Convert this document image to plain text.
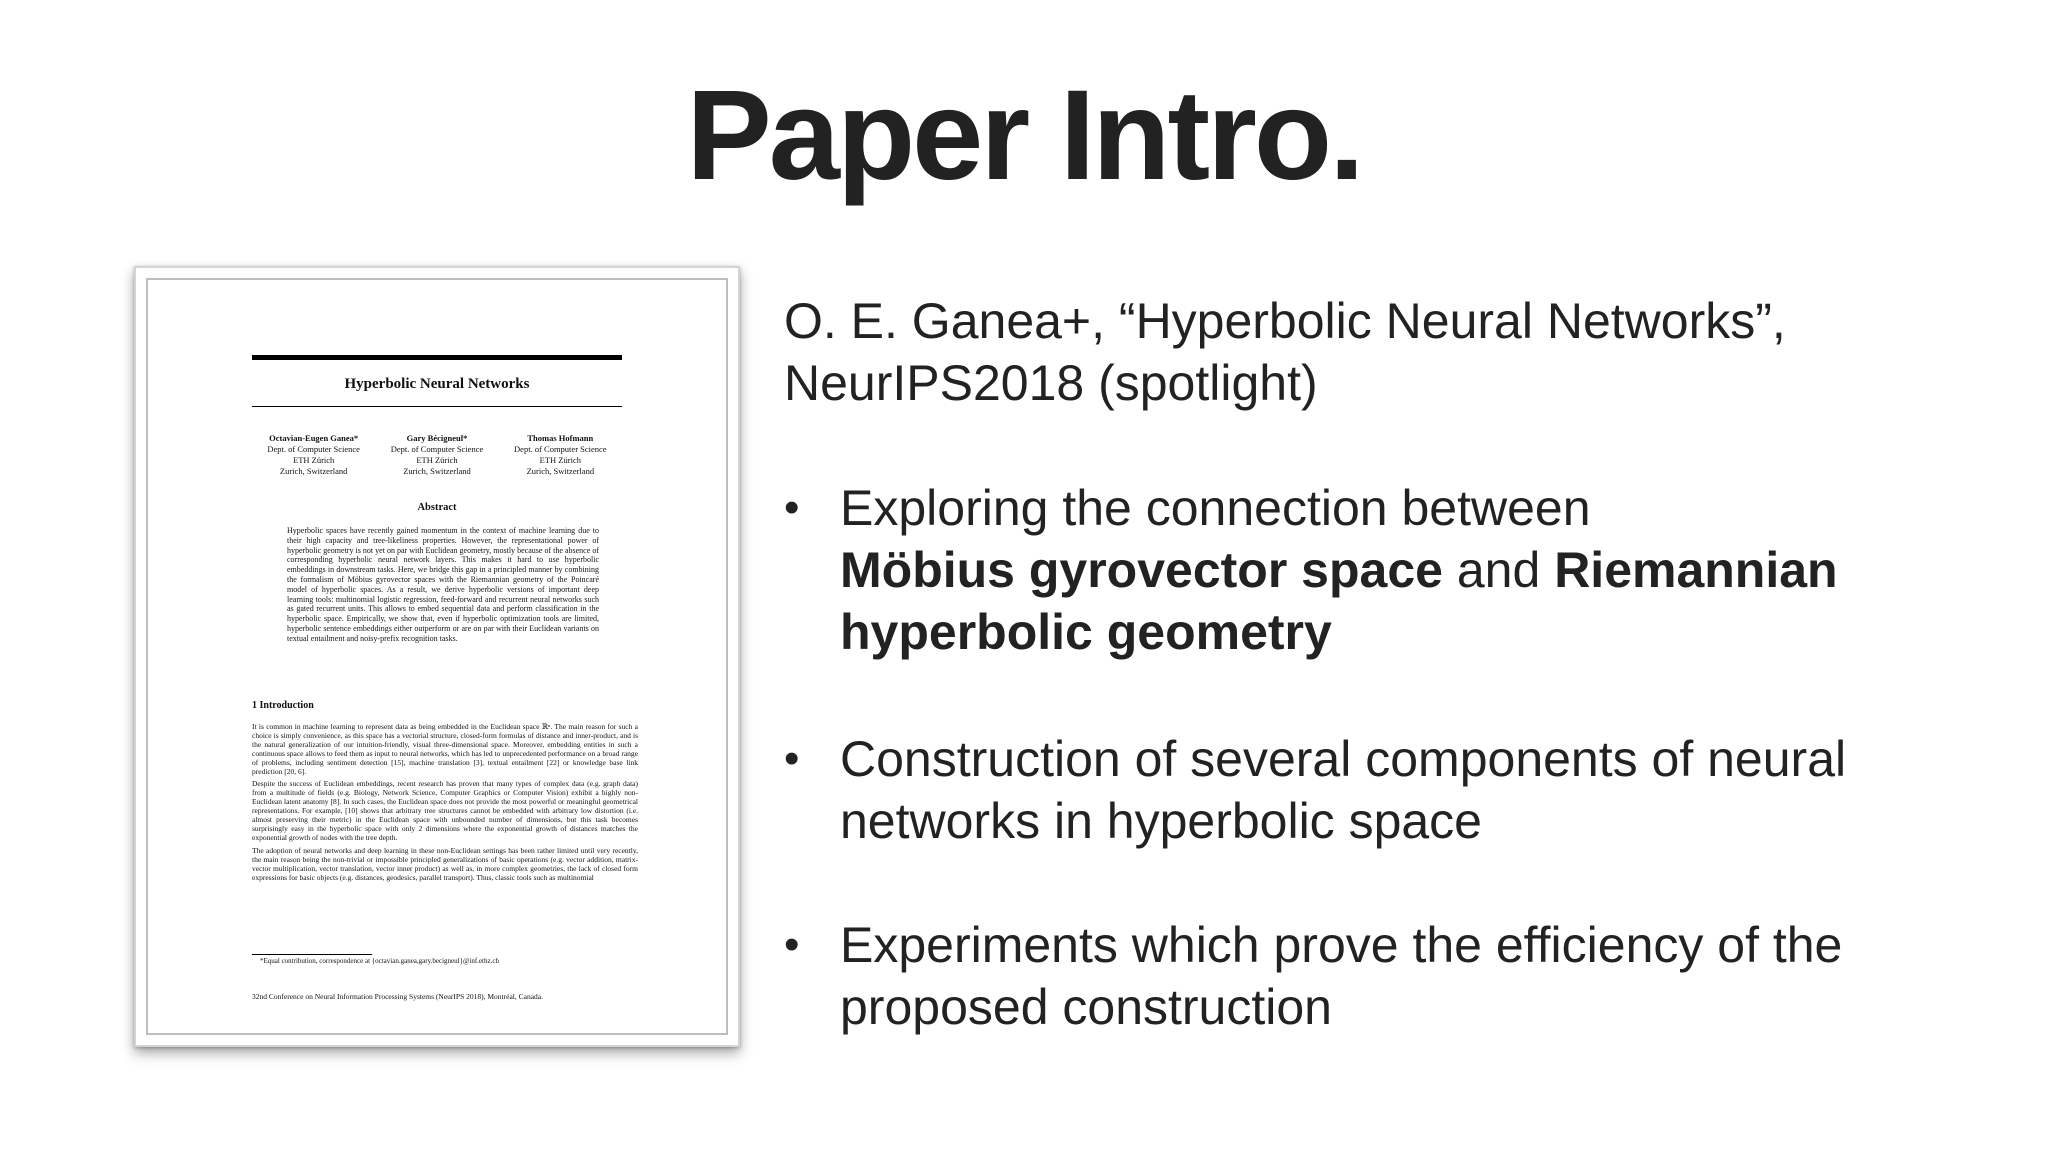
Paper Intro.
Hyperbolic Neural Networks
Octavian-Eugen Ganea*
Dept. of Computer Science
ETH Zürich
Zurich, Switzerland
Gary Bécigneul*
Dept. of Computer Science
ETH Zürich
Zurich, Switzerland
Thomas Hofmann
Dept. of Computer Science
ETH Zürich
Zurich, Switzerland
Abstract
Hyperbolic spaces have recently gained momentum in the context of machine learning due to their high capacity and tree-likeliness properties. However, the representational power of hyperbolic geometry is not yet on par with Euclidean geometry, mostly because of the absence of corresponding hyperbolic neural network layers. This makes it hard to use hyperbolic embeddings in downstream tasks. Here, we bridge this gap in a principled manner by combining the formalism of Möbius gyrovector spaces with the Riemannian geometry of the Poincaré model of hyperbolic spaces. As a result, we derive hyperbolic versions of important deep learning tools: multinomial logistic regression, feed-forward and recurrent neural networks such as gated recurrent units. This allows to embed sequential data and perform classification in the hyperbolic space. Empirically, we show that, even if hyperbolic optimization tools are limited, hyperbolic sentence embeddings either outperform or are on par with their Euclidean variants on textual entailment and noisy-prefix recognition tasks.
1 Introduction

It is common in machine learning to represent data as being embedded in the Euclidean space ℝⁿ. The main reason for such a choice is simply convenience, as this space has a vectorial structure, closed-form formulas of distance and inner-product, and is the natural generalization of our intuition-friendly, visual three-dimensional space. Moreover, embedding entities in such a continuous space allows to feed them as input to neural networks, which has led to unprecedented performance on a broad range of problems, including sentiment detection [15], machine translation [3], textual entailment [22] or knowledge base link prediction [20, 6].

Despite the success of Euclidean embeddings, recent research has proven that many types of complex data (e.g. graph data) from a multitude of fields (e.g. Biology, Network Science, Computer Graphics or Computer Vision) exhibit a highly non-Euclidean latent anatomy [8]. In such cases, the Euclidean space does not provide the most powerful or meaningful geometrical representations. For example, [10] shows that arbitrary tree structures cannot be embedded with arbitrary low distortion (i.e. almost preserving their metric) in the Euclidean space with unbounded number of dimensions, but this task becomes surprisingly easy in the hyperbolic space with only 2 dimensions where the exponential growth of distances matches the exponential growth of nodes with the tree depth.

The adoption of neural networks and deep learning in these non-Euclidean settings has been rather limited until very recently, the main reason being the non-trivial or impossible principled generalizations of basic operations (e.g. vector addition, matrix-vector multiplication, vector translation, vector inner product) as well as, in more complex geometries, the lack of closed form expressions for basic objects (e.g. distances, geodesics, parallel transport). Thus, classic tools such as multinomial

*Equal contribution, correspondence at {octavian.ganea,gary.becigneul}@inf.ethz.ch
32nd Conference on Neural Information Processing Systems (NeurIPS 2018), Montréal, Canada.
O. E. Ganea+, “Hyperbolic Neural Networks”,
NeurIPS2018 (spotlight)
• Exploring the connection between
Möbius gyrovector space and Riemannian hyperbolic geometry
• Construction of several components of neural networks in hyperbolic space
• Experiments which prove the efficiency of the proposed construction
